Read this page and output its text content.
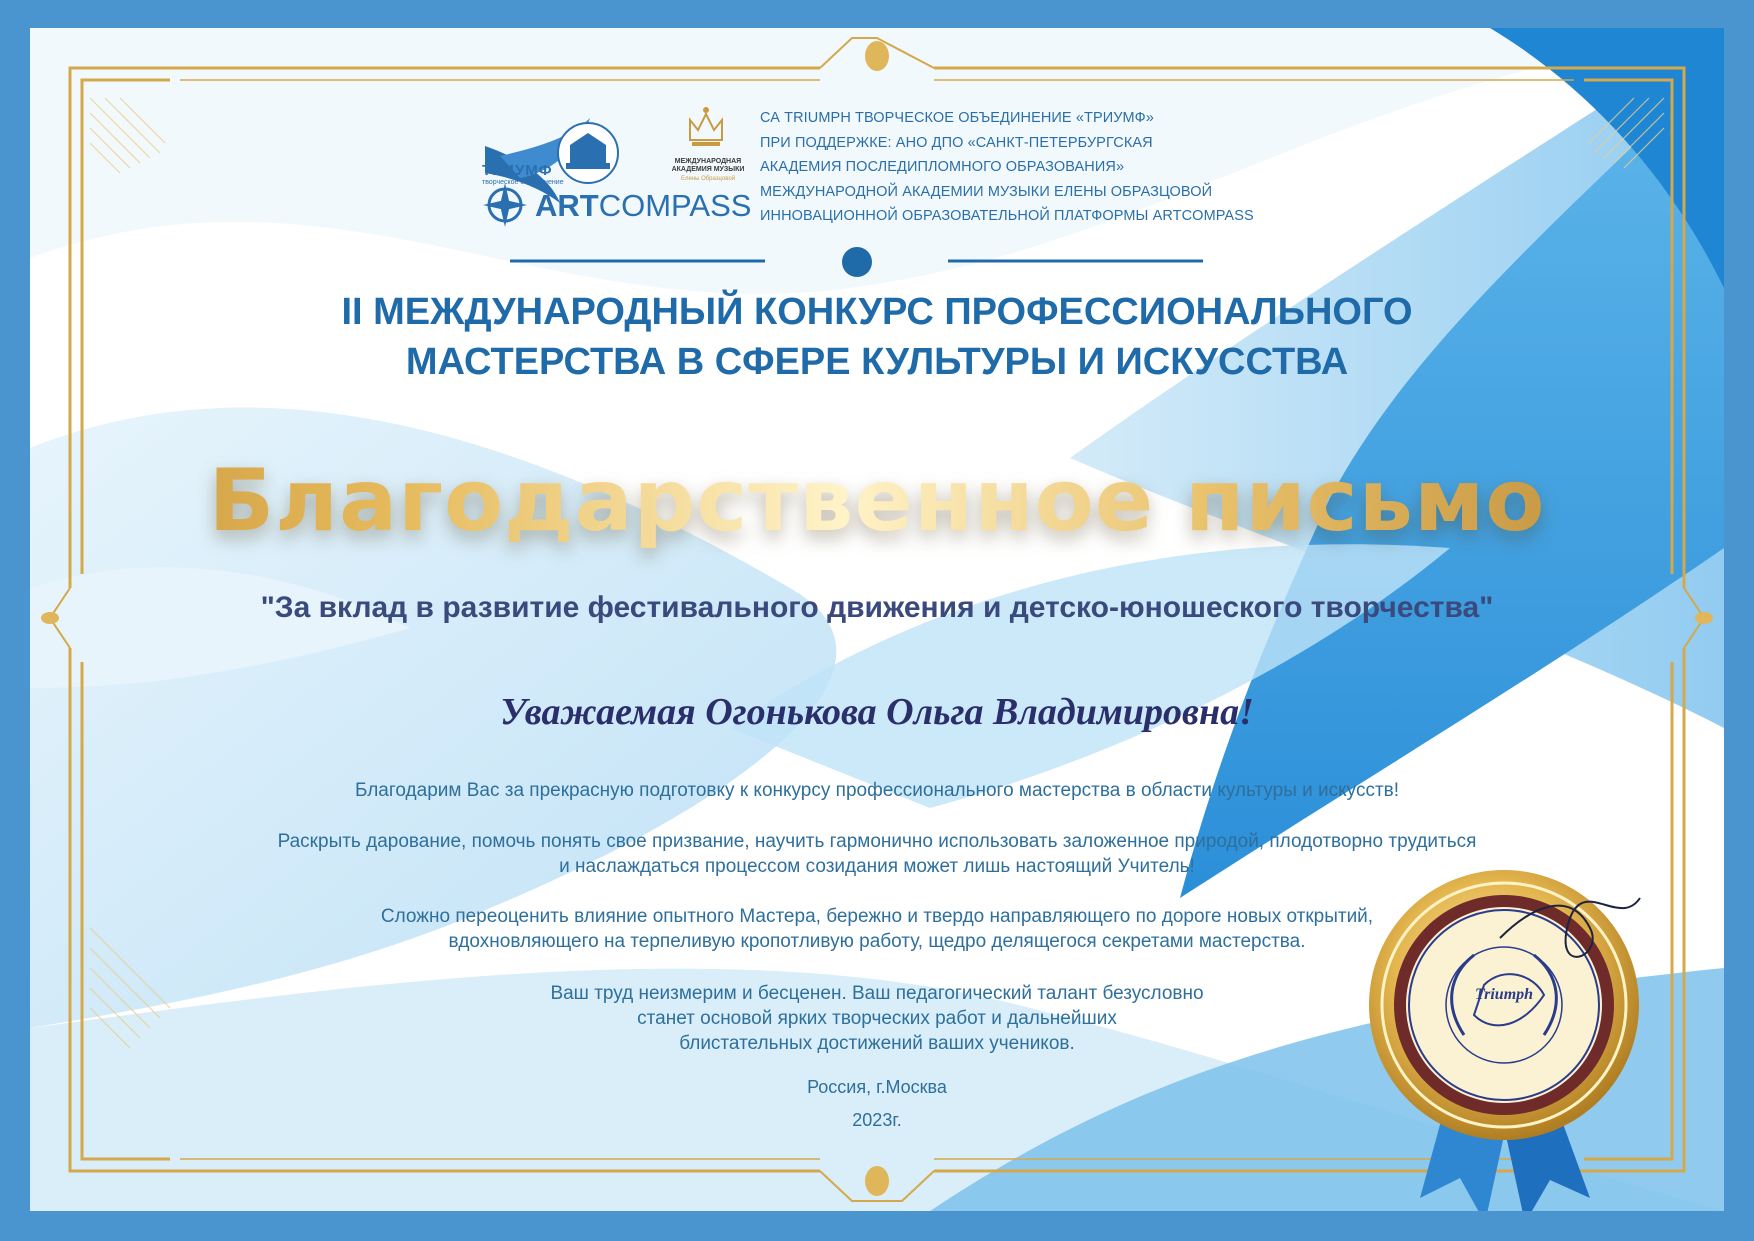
ТРИУМФ
творческое объединение
МЕЖДУНАРОДНАЯ АКАДЕМИЯ МУЗЫКИ
Елены Образцовой
ARTCOMPASS
СА TRIUMPH ТВОРЧЕСКОЕ ОБЪЕДИНЕНИЕ «ТРИУМФ»
ПРИ ПОДДЕРЖКЕ: АНО ДПО «САНКТ-ПЕТЕРБУРГСКАЯ
АКАДЕМИЯ ПОСЛЕДИПЛОМНОГО ОБРАЗОВАНИЯ»
МЕЖДУНАРОДНОЙ АКАДЕМИИ МУЗЫКИ ЕЛЕНЫ ОБРАЗЦОВОЙ
ИННОВАЦИОННОЙ ОБРАЗОВАТЕЛЬНОЙ ПЛАТФОРМЫ ARTCOMPASS
II МЕЖДУНАРОДНЫЙ КОНКУРС ПРОФЕССИОНАЛЬНОГО
МАСТЕРСТВА В СФЕРЕ КУЛЬТУРЫ И ИСКУССТВА
Благодарственное письмо
"За вклад в развитие фестивального движения и детско-юношеского творчества"
Уважаемая Огонькова Ольга Владимировна!
Благодарим Вас за прекрасную подготовку к конкурсу профессионального мастерства в области культуры и искусств!
Раскрыть дарование, помочь понять свое призвание, научить гармонично использовать заложенное природой, плодотворно трудиться
и наслаждаться процессом созидания может лишь настоящий Учитель!
Сложно переоценить влияние опытного Мастера, бережно и твердо направляющего по дороге новых открытий,
вдохновляющего на терпеливую кропотливую работу, щедро делящегося секретами мастерства.
Ваш труд неизмерим и бесценен. Ваш педагогический талант безусловно
станет основой ярких творческих работ и дальнейших
блистательных достижений ваших учеников.
Россия, г.Москва
2023г.
Triumph
